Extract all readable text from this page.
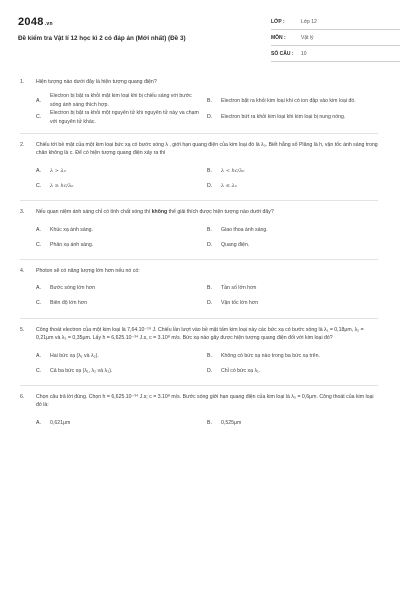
2048.vn
Đề kiểm tra Vật lí 12 học kì 2 có đáp án (Mới nhất) (Đề 3)
LỚP :	Lớp 12
MÔN :	Vật lý
SỐ CÂU : 10
1. Hiện tượng nào dưới đây là hiện tượng quang điện?
A.
Electron bị bật ra khỏi mặt kim loại khi bị chiếu sáng với bước sóng ánh sáng thích hợp.
B.	Electron bật ra khỏi kim loại khi có ion đập vào kim loại đó.
C.
Electron bị bật ra khỏi một nguyên tử khi nguyên tử này va chạm với nguyên tử khác.
D.	Electron bứt ra khỏi kim loại khi kim loại bị nung nóng.
2. Chiếu tới bề mặt của một kim loại bức xạ có bước sóng λ , giới hạn quang điện của kim loại đó là λ₀. Biết hằng số Plăng là h, vận tốc ánh sáng trong chân không là c. Để có hiện tượng quang điện xảy ra thì
A.	λ > λ₀	B.	λ < hc/λ₀
C.	λ ≥ hc/λ₀	D.	λ ≤ λ₀
3. Nếu quan niệm ánh sáng chỉ có tính chất sóng thì không thể giải thích được hiện tượng nào dưới đây?
A.	Khúc xạ ánh sáng.	B.	Giao thoa ánh sáng.
C.	Phản xạ ánh sáng.	D.	Quang điện.
4. Photon sẽ có năng lượng lớn hơn nếu nó có:
A.	Bước sóng lớn hơn	B.	Tần số lớn hơn
C.	Biên độ lớn hơn	D.	Vận tốc lớn hơn
5. Công thoát electron của một kim loại là 7,64.10⁻¹⁹ J. Chiếu lần lượt vào bề mặt tấm kim loại này các bức xạ có bước sóng là λ₁ = 0,18μm, λ₂ = 0,21μm và λ₃ = 0,35μm. Lấy h = 6,625.10⁻³⁴ J.s, c = 3.10⁸ m/s. Bức xạ nào gây được hiện tượng quang điện đối với kim loại đó?
A.	Hai bức xạ (λ₁ và λ₂).	B.	Không có bức xạ nào trong ba bức xạ trên.
C.	Cả ba bức xạ (λ₁, λ₂ và λ₃).	D.	Chỉ có bức xạ λ₁.
6. Chọn câu trả lời đúng. Chọn h = 6,625.10⁻³⁴ J.s; c = 3.10⁸ m/s. Bước sóng giới hạn quang điện của kim loại là λ₀ = 0,6μm. Công thoát của kim loại đó là:
A.	0,621μm	B.	0,525μm
